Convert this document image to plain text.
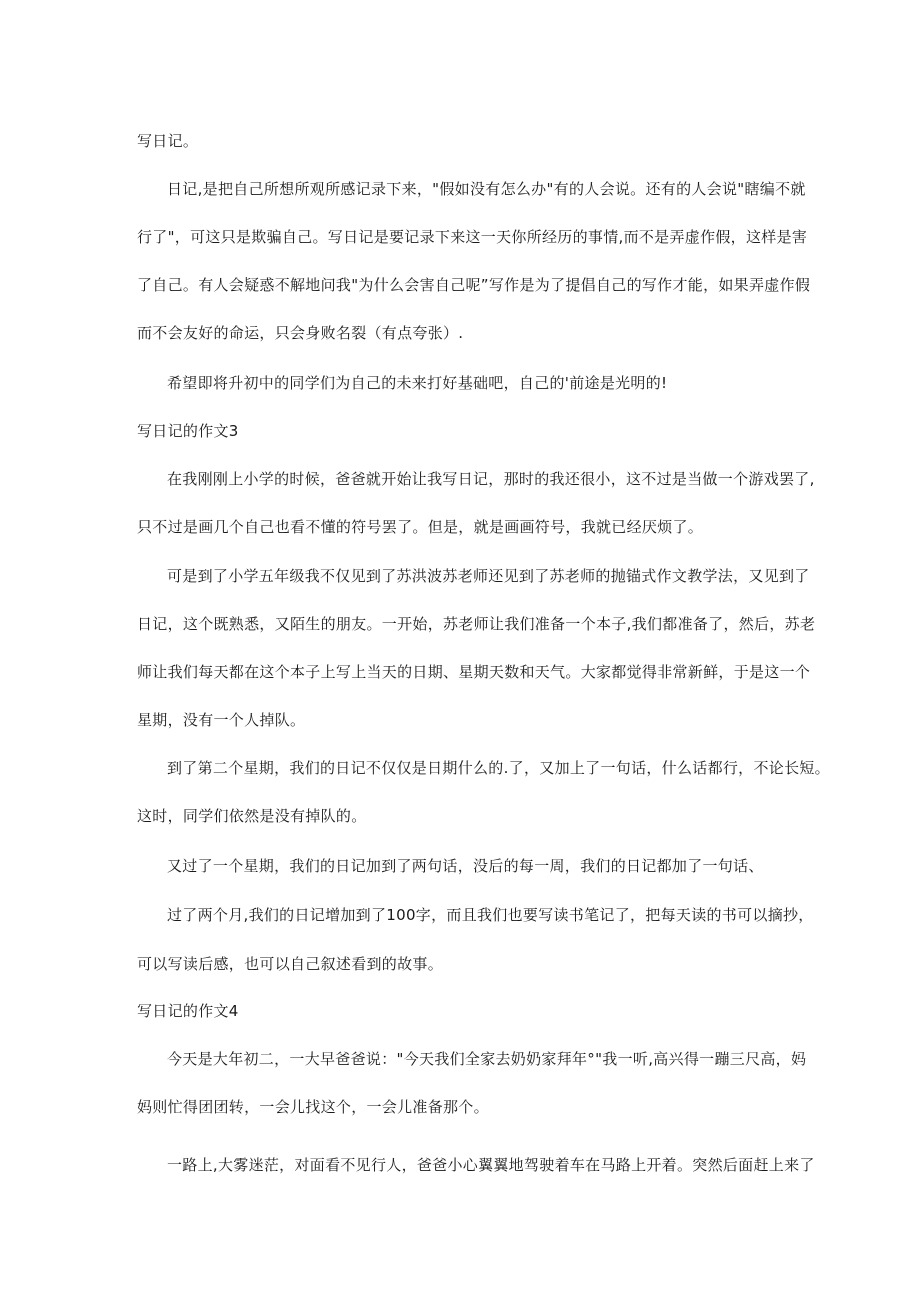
写日记。
日记,是把自己所想所观所感记录下来，"假如没有怎么办"有的人会说。还有的人会说"瞎编不就
行了"，可这只是欺骗自己。写日记是要记录下来这一天你所经历的事情,而不是弄虚作假，这样是害
了自己。有人会疑惑不解地问我"为什么会害自己呢”写作是为了提倡自己的写作才能，如果弄虚作假
而不会友好的命运，只会身败名裂（有点夸张）.
希望即将升初中的同学们为自己的未来打好基础吧，自己的'前途是光明的!
写日记的作文3
在我刚刚上小学的时候，爸爸就开始让我写日记，那时的我还很小，这不过是当做一个游戏罢了,
只不过是画几个自己也看不懂的符号罢了。但是，就是画画符号，我就已经厌烦了。
可是到了小学五年级我不仅见到了苏洪波苏老师还见到了苏老师的抛锚式作文教学法，又见到了
日记，这个既熟悉，又陌生的朋友。一开始，苏老师让我们准备一个本子,我们都准备了，然后，苏老
师让我们每天都在这个本子上写上当天的日期、星期天数和天气。大家都觉得非常新鲜，于是这一个
星期，没有一个人掉队。
到了第二个星期，我们的日记不仅仅是日期什么的.了，又加上了一句话，什么话都行，不论长短。
这时，同学们依然是没有掉队的。
又过了一个星期，我们的日记加到了两句话，没后的每一周，我们的日记都加了一句话、
过了两个月,我们的日记增加到了100字，而且我们也要写读书笔记了，把每天读的书可以摘抄，
可以写读后感，也可以自己叙述看到的故事。
写日记的作文4
今天是大年初二，一大早爸爸说："今天我们全家去奶奶家拜年°"我一听,高兴得一蹦三尺高，妈
妈则忙得团团转，一会儿找这个，一会儿准备那个。
一路上,大雾迷茫，对面看不见行人，爸爸小心翼翼地驾驶着车在马路上开着。突然后面赶上来了
